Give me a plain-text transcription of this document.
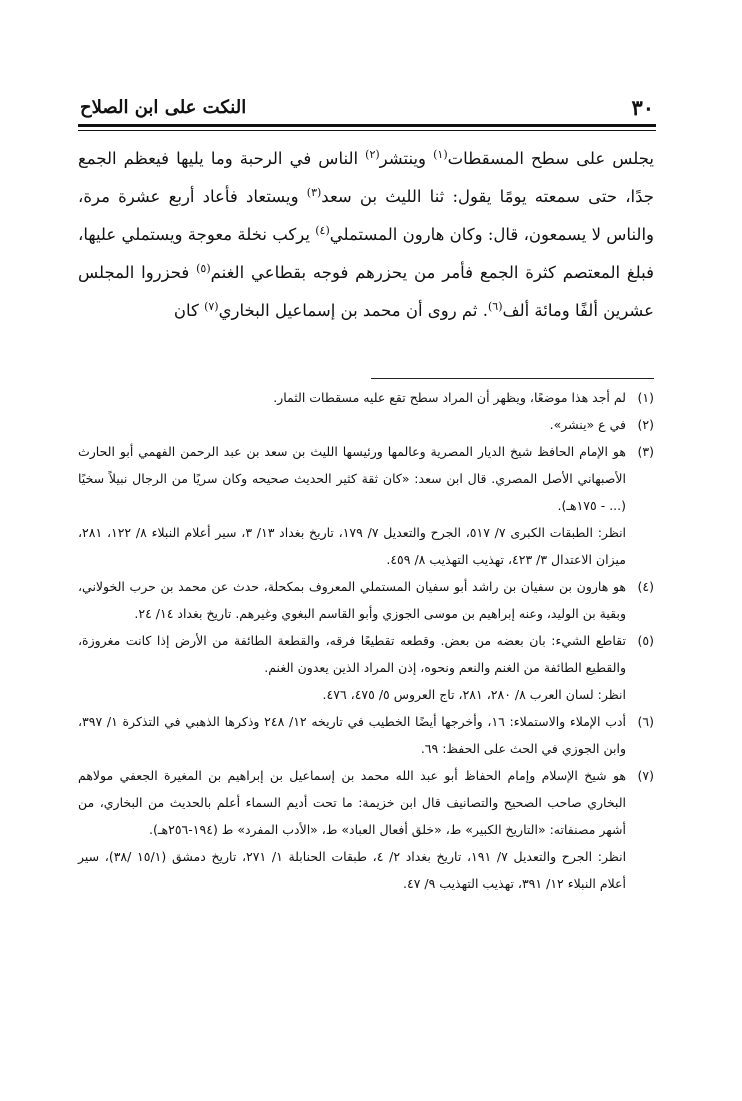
٣٠
النكت على ابن الصلاح

يجلس على سطح المسقطات$^{(١)}$ وينتشر$^{(٢)}$ الناس في الرحبة وما يليها فيعظم الجمع جدًا، حتى سمعته يومًا يقول: ثنا الليث بن سعد$^{(٣)}$ ويستعاد فأعاد أربع عشرة مرة، والناس لا يسمعون، قال: وكان هارون المستملي$^{(٤)}$ يركب نخلة معوجة ويستملي عليها، فبلغ المعتصم كثرة الجمع فأمر من يحزرهم فوجه بقطاعي الغنم$^{(٥)}$ فحزروا المجلس عشرين ألفًا ومائة ألف$^{(٦)}$. ثم روى أن محمد بن إسماعيل البخاري$^{(٧)}$ كان

(١)

لم أجد هذا موضعًا، ويظهر أن المراد سطح تقع عليه مسقطات الثمار.

(٢)

في ع «ينشر».

(٣)

هو الإمام الحافظ شيخ الديار المصرية وعالمها ورئيسها الليث بن سعد بن عبد الرحمن الفهمي أبو الحارث الأصبهاني الأصل المصري. قال ابن سعد: «كان ثقة كثير الحديث صحيحه وكان سريًا من الرجال نبيلاً سخيًا (... - ١٧٥هـ).

انظر: الطبقات الكبرى ٧/ ٥١٧، الجرح والتعديل ٧/ ١٧٩، تاريخ بغداد ١٣/ ٣، سير أعلام النبلاء ٨/ ١٢٢، ٢٨١، ميزان الاعتدال ٣/ ٤٢٣، تهذيب التهذيب ٨/ ٤٥٩.

(٤)

هو هارون بن سفيان بن راشد أبو سفيان المستملي المعروف بمكحلة، حدث عن محمد بن حرب الخولاني، وبقية بن الوليد، وعنه إبراهيم بن موسى الجوزي وأبو القاسم البغوي وغيرهم. تاريخ بغداد ١٤/ ٢٤.

(٥)

تقاطع الشيء: بان بعضه من بعض. وقطعه تقطيعًا فرقه، والقطعة الطائفة من الأرض إذا كانت مغروزة، والقطيع الطائفة من الغنم والنعم ونحوه، إذن المراد الذين يعدون الغنم.

انظر: لسان العرب ٨/ ٢٨٠، ٢٨١، تاج العروس ٥/ ٤٧٥، ٤٧٦.

(٦)

أدب الإملاء والاستملاء: ١٦، وأخرجها أيضًا الخطيب في تاريخه ١٢/ ٢٤٨ وذكرها الذهبي في التذكرة ١/ ٣٩٧، وابن الجوزي في الحث على الحفظ: ٦٩.

(٧)

هو شيخ الإسلام وإمام الحفاظ أبو عبد الله محمد بن إسماعيل بن إبراهيم بن المغيرة الجعفي مولاهم البخاري صاحب الصحيح والتصانيف قال ابن خزيمة: ما تحت أديم السماء أعلم بالحديث من البخاري، من أشهر مصنفاته: «التاريخ الكبير» ط، «خلق أفعال العباد» ط، «الأدب المفرد» ط (١٩٤-٢٥٦هـ).

انظر: الجرح والتعديل ٧/ ١٩١، تاريخ بغداد ٢/ ٤، طبقات الحنابلة ١/ ٢٧١، تاريخ دمشق (١٥/١ /٣٨)، سير أعلام النبلاء ١٢/ ٣٩١، تهذيب التهذيب ٩/ ٤٧.
